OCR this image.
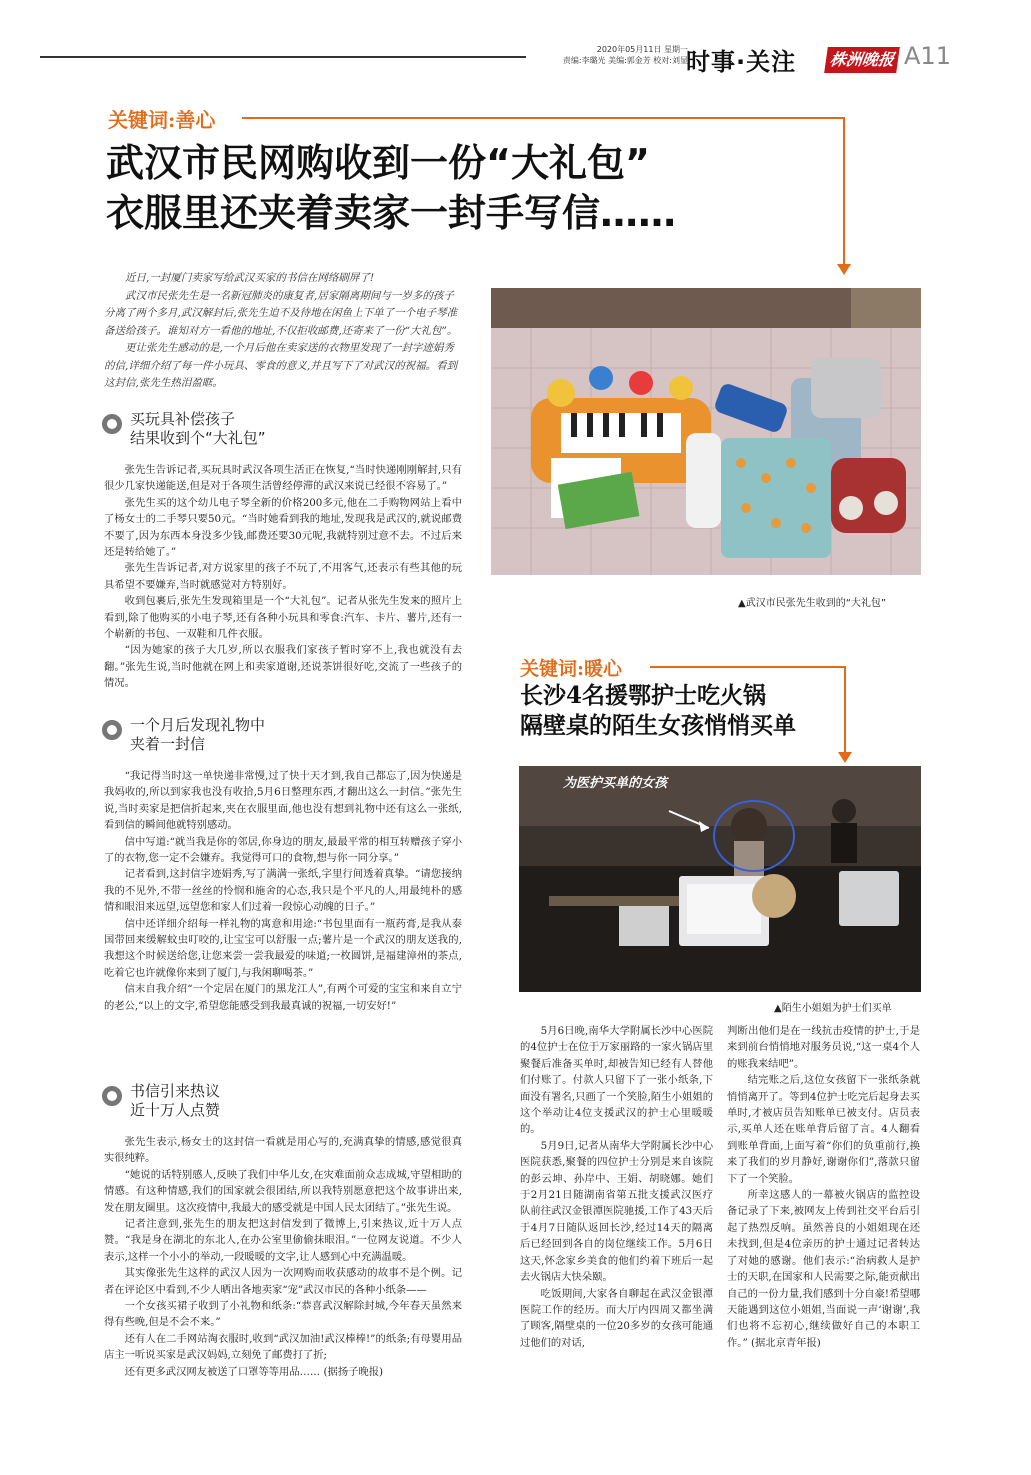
2020年05月11日 星期一
责编:李璐光 美编:郭金芳 校对:刘显
时事·关注 株洲晚报 A11
关键词:善心
武汉市民网购收到一份“大礼包”
衣服里还夹着卖家一封手写信……

近日,一封厦门卖家写给武汉买家的书信在网络刷屏了!

武汉市民张先生是一名新冠肺炎的康复者,居家隔离期间与一岁多的孩子分离了两个多月,武汉解封后,张先生迫不及待地在闲鱼上下单了一个电子琴准备送给孩子。谁知对方一看他的地址,不仅拒收邮费,还寄来了一份“大礼包”。

更让张先生感动的是,一个月后他在卖家送的衣物里发现了一封字迹娟秀的信,详细介绍了每一件小玩具、零食的意义,并且写下了对武汉的祝福。看到这封信,张先生热泪盈眶。

▲武汉市民张先生收到的“大礼包”
买玩具补偿孩子
结果收到个“大礼包”

张先生告诉记者,买玩具时武汉各项生活正在恢复,“当时快递刚刚解封,只有很少几家快递能送,但是对于各项生活曾经停滞的武汉来说已经很不容易了。”

张先生买的这个幼儿电子琴全新的价格200多元,他在二手购物网站上看中了杨女士的二手琴只要50元。“当时她看到我的地址,发现我是武汉的,就说邮费不要了,因为东西本身没多少钱,邮费还要30元呢,我就特别过意不去。不过后来还是转给她了。”

张先生告诉记者,对方说家里的孩子不玩了,不用客气,还表示有些其他的玩具希望不要嫌弃,当时就感觉对方特别好。

收到包裹后,张先生发现箱里是一个“大礼包”。记者从张先生发来的照片上看到,除了他购买的小电子琴,还有各种小玩具和零食:汽车、卡片、薯片,还有一个崭新的书包、一双鞋和几件衣服。

“因为她家的孩子大几岁,所以衣服我们家孩子暂时穿不上,我也就没有去翻。”张先生说,当时他就在网上和卖家道谢,还说茶饼很好吃,交流了一些孩子的情况。

一个月后发现礼物中
夹着一封信

“我记得当时这一单快递非常慢,过了快十天才到,我自己都忘了,因为快递是我妈收的,所以到家我也没有收拾,5月6日整理东西,才翻出这么一封信。”张先生说,当时卖家是把信折起来,夹在衣服里面,他也没有想到礼物中还有这么一张纸,看到信的瞬间他就特别感动。

信中写道:“就当我是你的邻居,你身边的朋友,最最平常的相互转赠孩子穿小了的衣物,您一定不会嫌弃。我觉得可口的食物,想与你一同分享。”

记者看到,这封信字迹娟秀,写了满满一张纸,字里行间透着真挚。“请您接纳我的不见外,不带一丝丝的怜悯和施舍的心态,我只是个平凡的人,用最纯朴的感情和眼泪来远望,远望您和家人们过着一段惊心动魄的日子。”

信中还详细介绍每一样礼物的寓意和用途:“书包里面有一瓶药膏,是我从泰国带回来缓解蚊虫叮咬的,让宝宝可以舒服一点;薯片是一个武汉的朋友送我的,我想这个时候送给您,让您来尝一尝我最爱的味道;一枚圆饼,是福建漳州的茶点,吃着它也许就像你来到了厦门,与我闲聊喝茶。”

信末自我介绍“一个定居在厦门的黑龙江人”,有两个可爱的宝宝和来自立宁的老公,“以上的文字,希望您能感受到我最真诚的祝福,一切安好!”

书信引来热议
近十万人点赞

张先生表示,杨女士的这封信一看就是用心写的,充满真挚的情感,感觉很真实很纯粹。

“她说的话特别感人,反映了我们中华儿女,在灾难面前众志成城,守望相助的情感。有这种情感,我们的国家就会很团结,所以我特别愿意把这个故事讲出来,发在朋友圈里。这次疫情中,我最大的感受就是中国人民太团结了。”张先生说。

记者注意到,张先生的朋友把这封信发到了微博上,引来热议,近十万人点赞。“我是身在湖北的东北人,在办公室里偷偷抹眼泪。”一位网友说道。不少人表示,这样一个小小的举动,一段暖暖的文字,让人感到心中充满温暖。

其实像张先生这样的武汉人因为一次网购而收获感动的故事不是个例。记者在评论区中看到,不少人晒出各地卖家“宠”武汉市民的各种小纸条——

一个女孩买裙子收到了小礼物和纸条:“恭喜武汉解除封城,今年春天虽然来得有些晚,但是不会不来。”

还有人在二手网站淘衣服时,收到“武汉加油!武汉棒棒!”的纸条;有母婴用品店主一听说买家是武汉妈妈,立刻免了邮费打了折;

还有更多武汉网友被送了口罩等等用品…… (据扬子晚报)

关键词:暖心
长沙4名援鄂护士吃火锅
隔壁桌的陌生女孩悄悄买单
为医护买单的女孩
▲陌生小姐姐为护士们买单

5月6日晚,南华大学附属长沙中心医院的4位护士在位于万家丽路的一家火锅店里聚餐后准备买单时,却被告知已经有人替他们付账了。付款人只留下了一张小纸条,下面没有署名,只画了一个笑脸,陌生小姐姐的这个举动让4位支援武汉的护士心里暖暖的。

5月9日,记者从南华大学附属长沙中心医院获悉,聚餐的四位护士分别是来自该院的彭云坤、孙岸中、王娟、胡晓娜。她们于2月21日随湖南省第五批支援武汉医疗队前往武汉金银潭医院驰援,工作了43天后于4月7日随队返回长沙,经过14天的隔离后已经回到各自的岗位继续工作。5月6日这天,怀念家乡美食的他们约着下班后一起去火锅店大快朵颐。

吃饭期间,大家各自聊起在武汉金银潭医院工作的经历。而大厅内四周又都坐满了顾客,隔壁桌的一位20多岁的女孩可能通过他们的对话,

判断出他们是在一线抗击疫情的护士,于是来到前台悄悄地对服务员说,“这一桌4个人的账我来结吧”。

结完账之后,这位女孩留下一张纸条就悄悄离开了。等到4位护士吃完后起身去买单时,才被店员告知账单已被支付。店员表示,买单人还在账单背后留了言。4人翻看到账单背面,上面写着“你们的负重前行,换来了我们的岁月静好,谢谢你们”,落款只留下了一个笑脸。

所幸这感人的一幕被火锅店的监控设备记录了下来,被网友上传到社交平台后引起了热烈反响。虽然善良的小姐姐现在还未找到,但是4位亲历的护士通过记者转达了对她的感谢。他们表示:“治病救人是护士的天职,在国家和人民需要之际,能贡献出自己的一份力量,我们感到十分自豪!希望哪天能遇到这位小姐姐,当面说一声‘谢谢’,我们也将不忘初心,继续做好自己的本职工作。” (据北京青年报)
